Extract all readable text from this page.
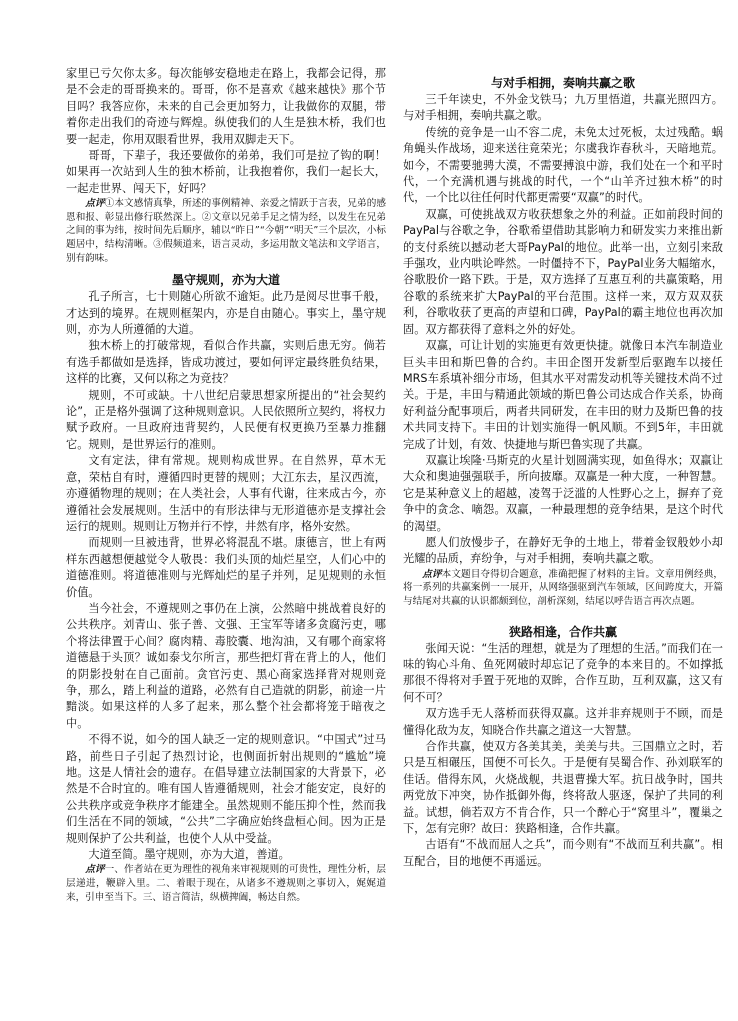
家里已亏欠你太多。每次能够安稳地走在路上，我都会记得，那是不会走的哥哥换来的。哥哥，你不是喜欢《越来越快》那个节目吗？我答应你，未来的自己会更加努力，让我做你的双腿，带着你走出我们的奇迹与辉煌。纵使我们的人生是独木桥，我们也要一起走，你用双眼看世界，我用双脚走天下。

哥哥，下辈子，我还要做你的弟弟，我们可是拉了钩的啊！如果再一次站到人生的独木桥前，让我抱着你，我们一起长大，一起走世界、闯天下，好吗？

点评①本文感情真挚，所述的事例精神、亲爱之情跃于言表，兄弟的感恩和报、彰显出修行联然深上。②文章以兄弟手足之情为经，以发生在兄弟之间的事为纬，按时间先后顺序，辅以“昨日”“今朝”“明天”三个层次，小标题居中，结构清晰。③假频道来，语言灵动，多运用散文笔法和文学语言，别有韵味。

墨守规则，亦为大道

孔子所言，七十则随心所欲不逾矩。此乃是阅尽世事千般，才达到的境界。在规则框架内，亦是自由随心。事实上，墨守规则，亦为人所遵循的大道。

独木桥上的打破常规，看似合作共赢，实则后患无穷。倘若有选手都做如是选择，皆成功渡过，要如何评定最终胜负结果，这样的比赛，又何以称之为竞技？

规则，不可或缺。十八世纪启蒙思想家所提出的“社会契约论”，正是格外强调了这种规则意识。人民依照所立契约，将权力赋予政府。一旦政府违背契约，人民便有权更换乃至暴力推翻它。规则，是世界运行的准则。

文有定法，律有常规。规则构成世界。在自然界，草木无意，荣枯自有时，遵循四时更替的规则；大江东去，星汉西流，亦遵循物理的规则；在人类社会，人事有代谢，往来成古今，亦遵循社会发展规则。生活中的有形法律与无形道德亦是支撑社会运行的规则。规则让万物并行不悖，井然有序，格外安然。

而规则一旦被违背，世界必将混乱不堪。康德言，世上有两样东西越想便越觉令人敬畏：我们头顶的灿烂星空，人们心中的道德准则。将道德准则与光辉灿烂的星子并列，足见规则的永恒价值。

当今社会，不遵规则之事仍在上演，公然暗中挑战着良好的公共秩序。刘青山、张子善、文强、王宝军等诸多贪腐污吏，哪个将法律置于心间？腐肉精、毒胶囊、地沟油，又有哪个商家将道德悬于头顶？诚如泰戈尔所言，那些把灯背在背上的人，他们的阴影投射在自己面前。贪官污吏、黑心商家选择背对规则竞争，那么，踏上利益的道路，必然有自己造就的阴影，前途一片黯淡。如果这样的人多了起来，那么整个社会都将笼于暗夜之中。

不得不说，如今的国人缺乏一定的规则意识。“中国式”过马路，前些日子引起了热烈讨论，也侧面折射出规则的“尴尬”境地。这是人情社会的遗存。在倡导建立法制国家的大背景下，必然是不合时宜的。唯有国人皆遵循规则，社会才能安定，良好的公共秩序或竞争秩序才能建全。虽然规则不能压抑个性，然而我们生活在不同的领域，“公共”二字确应始终盘桓心间。因为正是规则保护了公共利益，也使个人从中受益。

大道至简。墨守规则，亦为大道，善道。

点评一、作者站在更为理性的视角来审视规则的可贵性，理性分析，层层递进，鞭辟入里。二、着眼于现在，从诸多不遵规则之事切入，娓娓道来，引申至当下。三、语言简洁，纵横捭阖，畅达自然。

与对手相拥，奏响共赢之歌

三千年读史，不外金戈铁马；九万里悟道，共赢光照四方。与对手相拥，奏响共赢之歌。

传统的竞争是一山不容二虎，未免太过死板，太过残酷。蜗角蝇头作战场，迎来送往竟荣光；尔虞我诈春秋斗，天暗地荒。如今，不需要驰骋大漠，不需要搏浪中游，我们处在一个和平时代，一个充满机遇与挑战的时代，一个“山羊齐过独木桥”的时代，一个比以往任何时代都更需要“双赢”的时代。

双赢，可使挑战双方收获想象之外的利益。正如前段时间的PayPal与谷歌之争，谷歌希望借助其影响力和研发实力来推出新的支付系统以撼动老大哥PayPal的地位。此举一出，立刻引来敌手强攻，业内哄论哗然。一时僵持不下，PayPal业务大幅缩水，谷歌股价一路下跌。于是，双方选择了互惠互利的共赢策略，用谷歌的系统来扩大PayPal的平台范围。这样一来，双方双双获利，谷歌收获了更高的声望和口碑，PayPal的霸主地位也再次加固。双方都获得了意料之外的好处。

双赢，可让计划的实施更有效更快捷。就像日本汽车制造业巨头丰田和斯巴鲁的合约。丰田企图开发新型后驱跑车以接任MRS车系填补细分市场，但其水平对需发动机等关键技术尚不过关。于是，丰田与精通此领域的斯巴鲁公司达成合作关系，协商好利益分配事项后，两者共同研发，在丰田的财力及斯巴鲁的技术共同支持下。丰田的计划实施得一帆风顺。不到5年，丰田就完成了计划，有效、快捷地与斯巴鲁实现了共赢。

双赢让埃隆·马斯克的火星计划圆满实现，如鱼得水；双赢让大众和奥迪强强联手，所向披靡。双赢是一种大度，一种智慧。它是某种意义上的超越，凌驾于泛滥的人性野心之上，摒弃了竞争中的贪念、嘀怨。双赢，一种最理想的竞争结果，是这个时代的渴望。

愿人们放慢步子，在静好无争的土地上，带着金钗般妙小却光耀的品质，弃纷争，与对手相拥，奏响共赢之歌。

点评本文题目夺得切合题意，准确把握了材料的主旨。文章用例经典，将一系列的共赢案例一一展开，从网络强驱到汽车领域，区间跨度大，开篇与结尾对共赢的认识都颇到位，剖析深刻，结尾以呼告语言再次点题。

狭路相逢，合作共赢

张闻天说：“生活的理想，就是为了理想的生活。”而我们在一味的钩心斗角、鱼死网破时却忘记了竞争的本来目的。不如撑抵那很不得将对手置于死地的双眸，合作互助，互利双赢，这又有何不可？

双方选手无人落桥而获得双赢。这并非弃规则于不顾，而是懂得化敌为友，知晓合作共赢之道这一大智慧。

合作共赢，使双方各美其美，美美与共。三国鼎立之时，若只是互相碾压，国便不可长久。于是便有吴蜀合作、孙刘联军的佳话。借得东风，火烧战舰，共退曹操大军。抗日战争时，国共两党放下冲突，协作抵御外侮，终将敌人驱逐，保护了共同的利益。试想，倘若双方不肯合作，只一个醉心于“窝里斗”，覆巢之下，怎有完卵？故曰：狭路相逢，合作共赢。

古语有“不战而屈人之兵”，而今则有“不战而互利共赢”。相互配合，目的地便不再遥远。
